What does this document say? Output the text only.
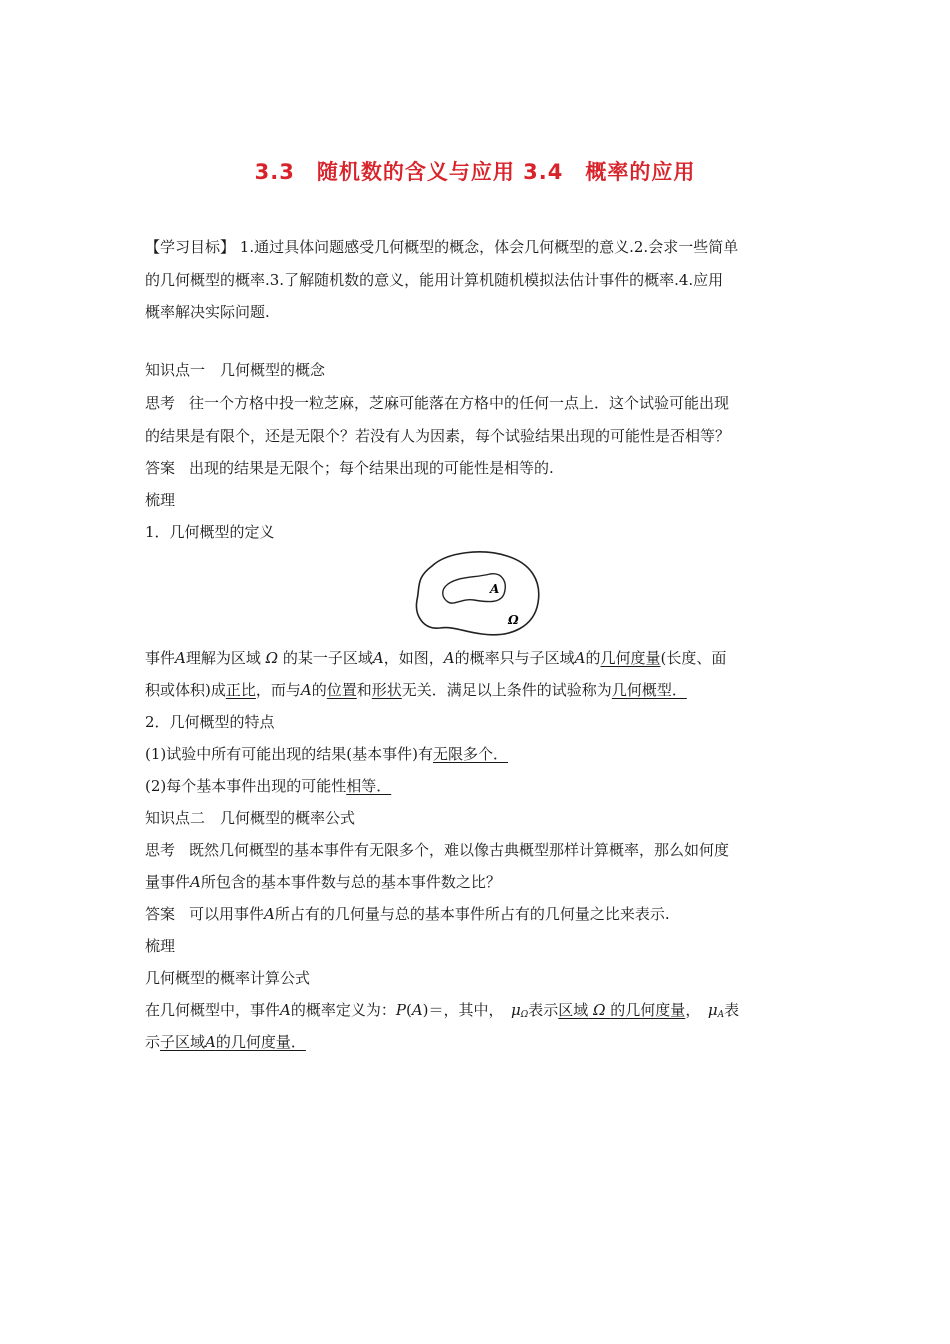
3.3　随机数的含义与应用 3.4　概率的应用
【学习目标】 1.通过具体问题感受几何概型的概念，体会几何概型的意义.2.会求一些简单
的几何概型的概率.3.了解随机数的意义，能用计算机随机模拟法估计事件的概率.4.应用
概率解决实际问题.
知识点一　几何概型的概念
思考 往一个方格中投一粒芝麻，芝麻可能落在方格中的任何一点上．这个试验可能出现
的结果是有限个，还是无限个？若没有人为因素，每个试验结果出现的可能性是否相等？
答案 出现的结果是无限个；每个结果出现的可能性是相等的.
梳理
1．几何概型的定义
A
Ω
事件A理解为区域 Ω 的某一子区域A，如图，A的概率只与子区域A的几何度量(长度、面
积或体积)成正比，而与A的位置和形状无关．满足以上条件的试验称为几何概型．
2．几何概型的特点
(1)试验中所有可能出现的结果(基本事件)有无限多个．
(2)每个基本事件出现的可能性相等．
知识点二　几何概型的概率公式
思考 既然几何概型的基本事件有无限多个，难以像古典概型那样计算概率，那么如何度
量事件A所包含的基本事件数与总的基本事件数之比？
答案 可以用事件A所占有的几何量与总的基本事件所占有的几何量之比来表示.
梳理
几何概型的概率计算公式
在几何概型中，事件A的概率定义为：P(A)＝，其中，　 $\mu_\Omega$表示区域 Ω 的几何度量，　 $\mu_A$表
示子区域A的几何度量．
